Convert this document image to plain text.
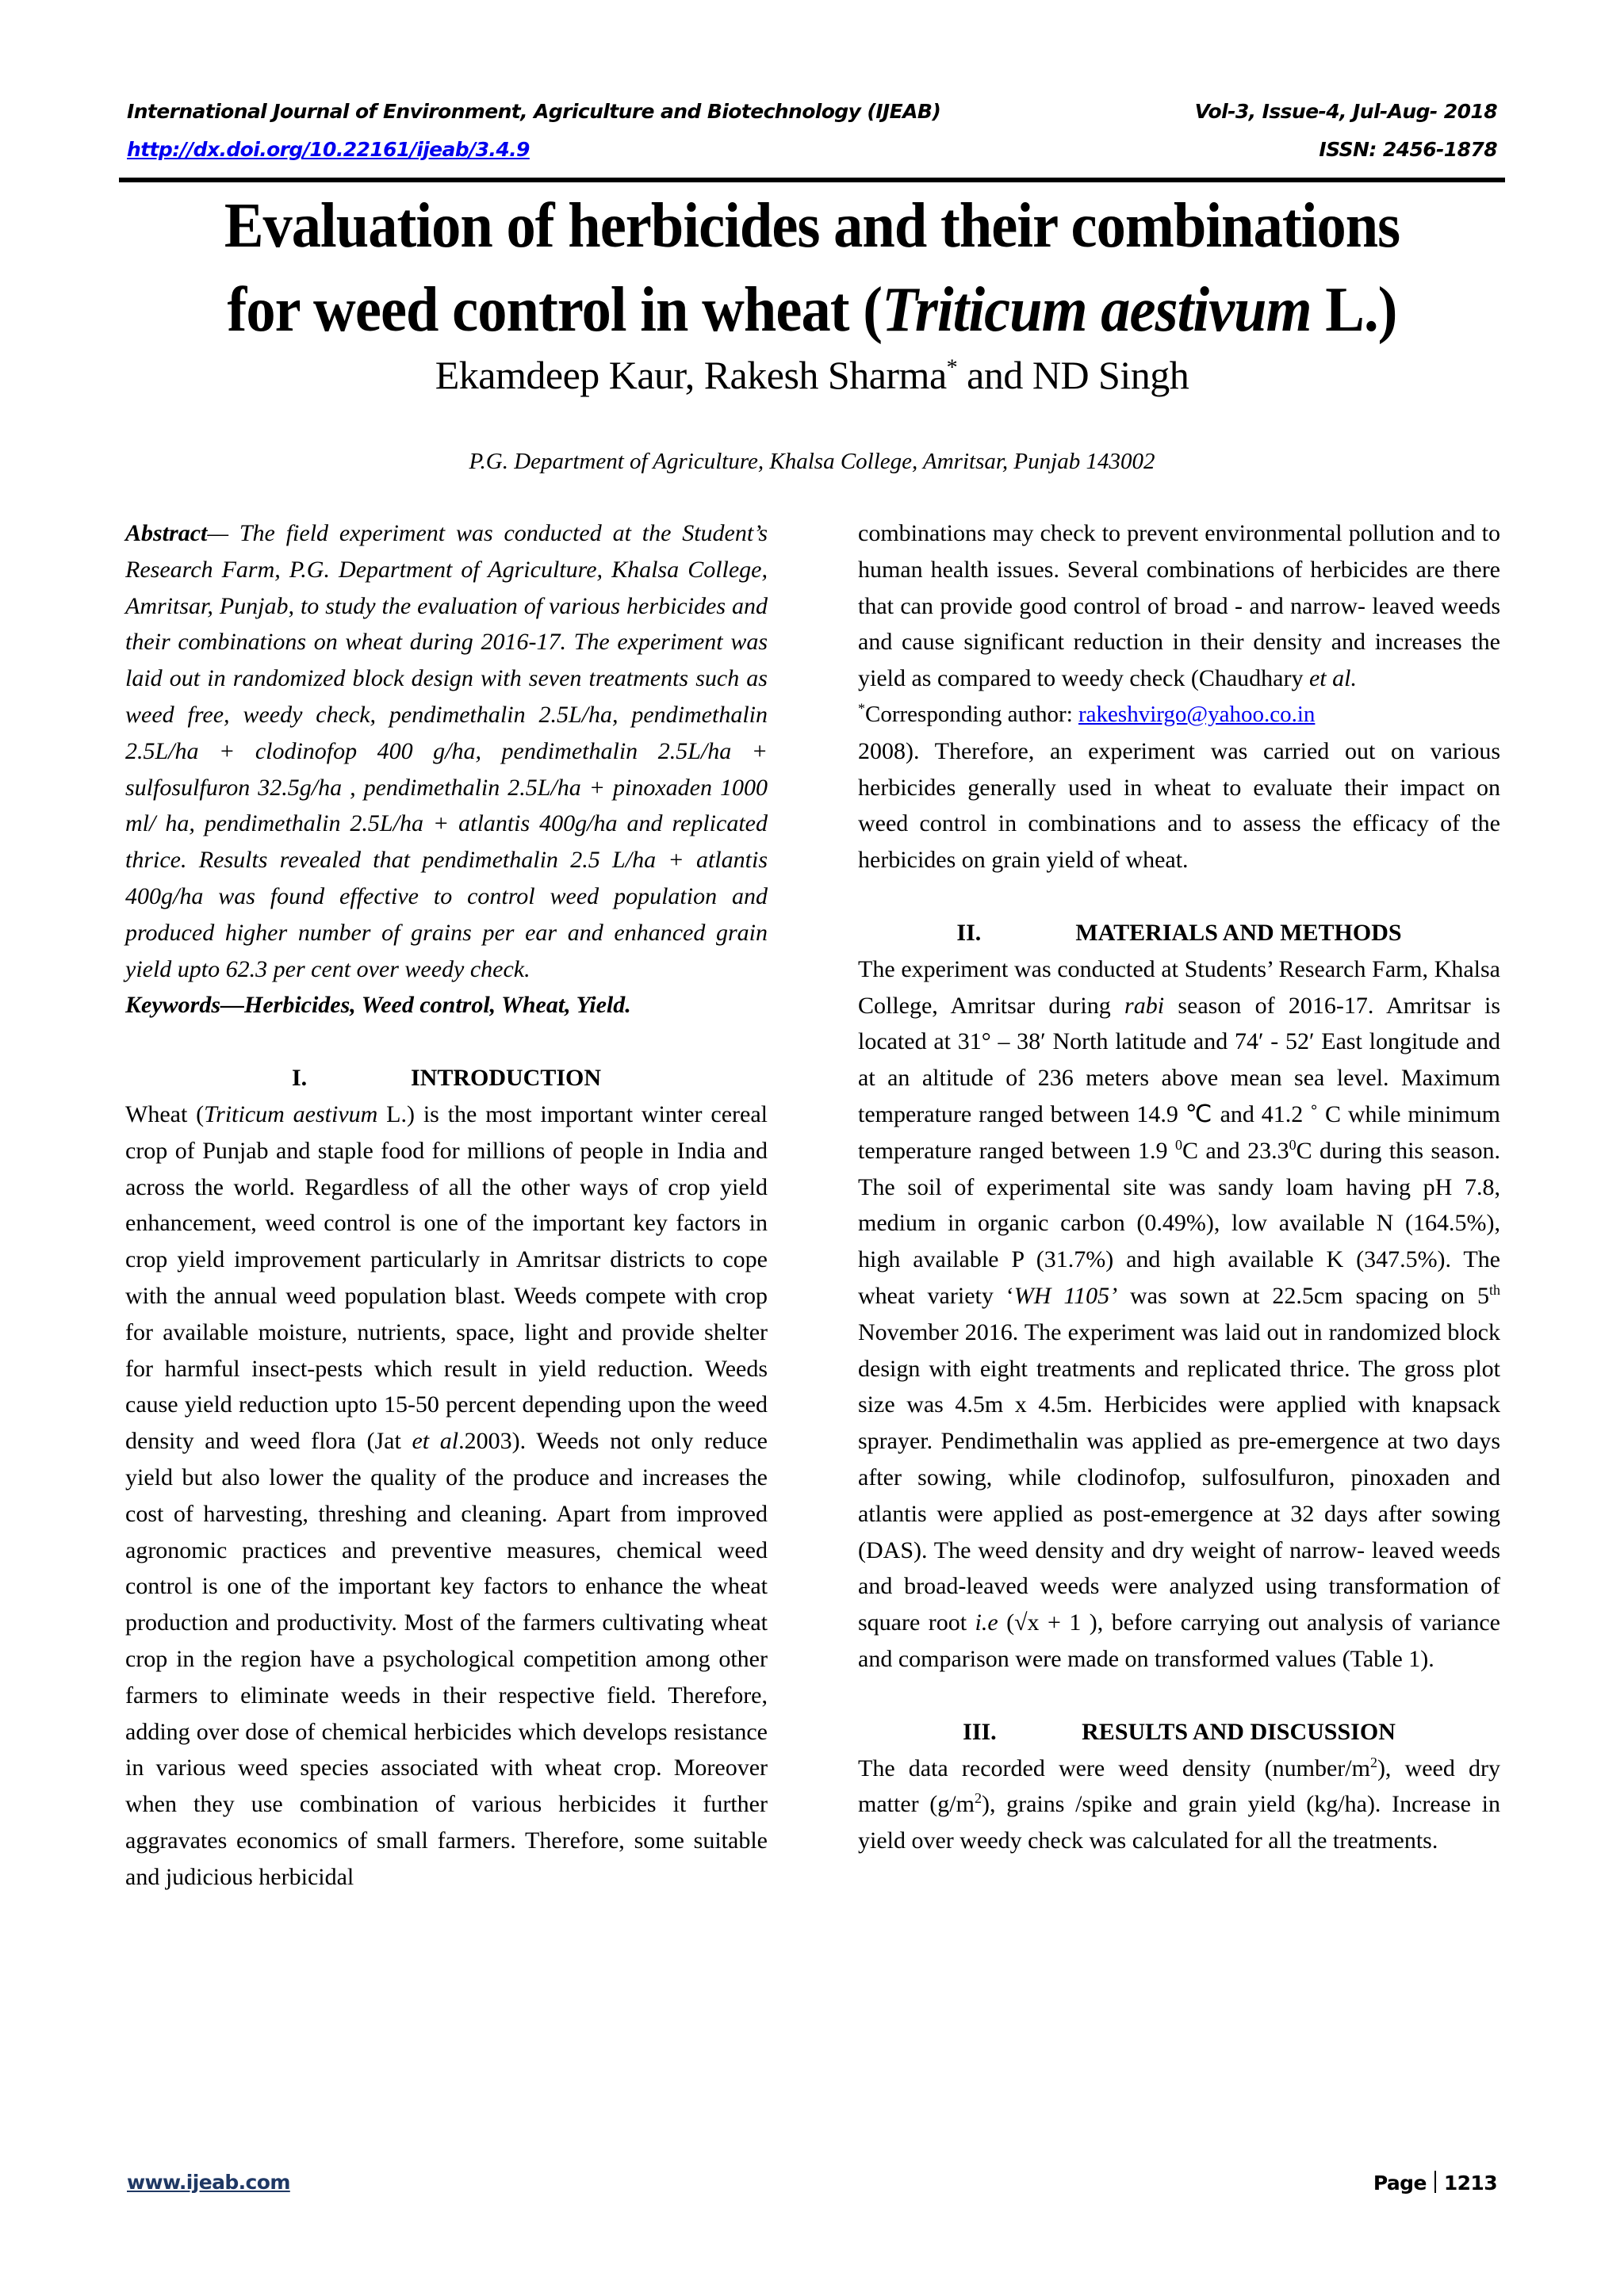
International Journal of Environment, Agriculture and Biotechnology (IJEAB)	Vol-3, Issue-4, Jul-Aug- 2018
http://dx.doi.org/10.22161/ijeab/3.4.9	ISSN: 2456-1878
Evaluation of herbicides and their combinations
for weed control in wheat (Triticum aestivum L.)
Ekamdeep Kaur, Rakesh Sharma* and ND Singh
P.G. Department of Agriculture, Khalsa College, Amritsar, Punjab 143002

Abstract— The field experiment was conducted at the Student’s Research Farm, P.G. Department of Agriculture, Khalsa College, Amritsar, Punjab, to study the evaluation of various herbicides and their combinations on wheat during 2016-17. The experiment was laid out in randomized block design with seven treatments such as weed free, weedy check, pendimethalin 2.5L/ha, pendimethalin 2.5L/ha + clodinofop 400 g/ha, pendimethalin 2.5L/ha + sulfosulfuron 32.5g/ha , pendimethalin 2.5L/ha + pinoxaden 1000 ml/ ha, pendimethalin 2.5L/ha + atlantis 400g/ha and replicated thrice. Results revealed that pendimethalin 2.5 L/ha + atlantis 400g/ha was found effective to control weed population and produced higher number of grains per ear and enhanced grain yield upto 62.3 per cent over weedy check.

Keywords—Herbicides, Weed control, Wheat, Yield.

I.	INTRODUCTION

Wheat (Triticum aestivum L.) is the most important winter cereal crop of Punjab and staple food for millions of people in India and across the world. Regardless of all the other ways of crop yield enhancement, weed control is one of the important key factors in crop yield improvement particularly in Amritsar districts to cope with the annual weed population blast. Weeds compete with crop for available moisture, nutrients, space, light and provide shelter for harmful insect-pests which result in yield reduction. Weeds cause yield reduction upto 15-50 percent depending upon the weed density and weed flora (Jat et al.2003). Weeds not only reduce yield but also lower the quality of the produce and increases the cost of harvesting, threshing and cleaning. Apart from improved agronomic practices and preventive measures, chemical weed control is one of the important key factors to enhance the wheat production and productivity. Most of the farmers cultivating wheat crop in the region have a psychological competition among other farmers to eliminate weeds in their respective field. Therefore, adding over dose of chemical herbicides which develops resistance in various weed species associated with wheat crop. Moreover when they use combination of various herbicides it further aggravates economics of small farmers. Therefore, some suitable and judicious herbicidal

combinations may check to prevent environmental pollution and to human health issues. Several combinations of herbicides are there that can provide good control of broad - and narrow- leaved weeds and cause significant reduction in their density and increases the yield as compared to weedy check (Chaudhary et al.

*Corresponding author: rakeshvirgo@yahoo.co.in

2008). Therefore, an experiment was carried out on various herbicides generally used in wheat to evaluate their impact on weed control in combinations and to assess the efficacy of the herbicides on grain yield of wheat.

II.	MATERIALS AND METHODS

The experiment was conducted at Students’ Research Farm, Khalsa College, Amritsar during rabi season of 2016-17. Amritsar is located at 31° – 38′ North latitude and 74′ - 52′ East longitude and at an altitude of 236 meters above mean sea level. Maximum temperature ranged between 14.9 ℃ and 41.2 ˚ C while minimum temperature ranged between 1.9 $^0$C and 23.3$^0$C during this season. The soil of experimental site was sandy loam having pH 7.8, medium in organic carbon (0.49%), low available N (164.5%), high available P (31.7%) and high available K (347.5%). The wheat variety ‘WH 1105’ was sown at 22.5cm spacing on 5th November 2016. The experiment was laid out in randomized block design with eight treatments and replicated thrice. The gross plot size was 4.5m x 4.5m. Herbicides were applied with knapsack sprayer. Pendimethalin was applied as pre-emergence at two days after sowing, while clodinofop, sulfosulfuron, pinoxaden and atlantis were applied as post-emergence at 32 days after sowing (DAS). The weed density and dry weight of narrow- leaved weeds and broad-leaved weeds were analyzed using transformation of square root i.e (√x + 1 ), before carrying out analysis of variance and comparison were made on transformed values (Table 1).

III.	RESULTS AND DISCUSSION

The data recorded were weed density $(number/m^2)$, weed dry matter $(g/m^2)$, grains /spike and grain yield (kg/ha). Increase in yield over weedy check was calculated for all the treatments.

www.ijeab.com	Page 1213
